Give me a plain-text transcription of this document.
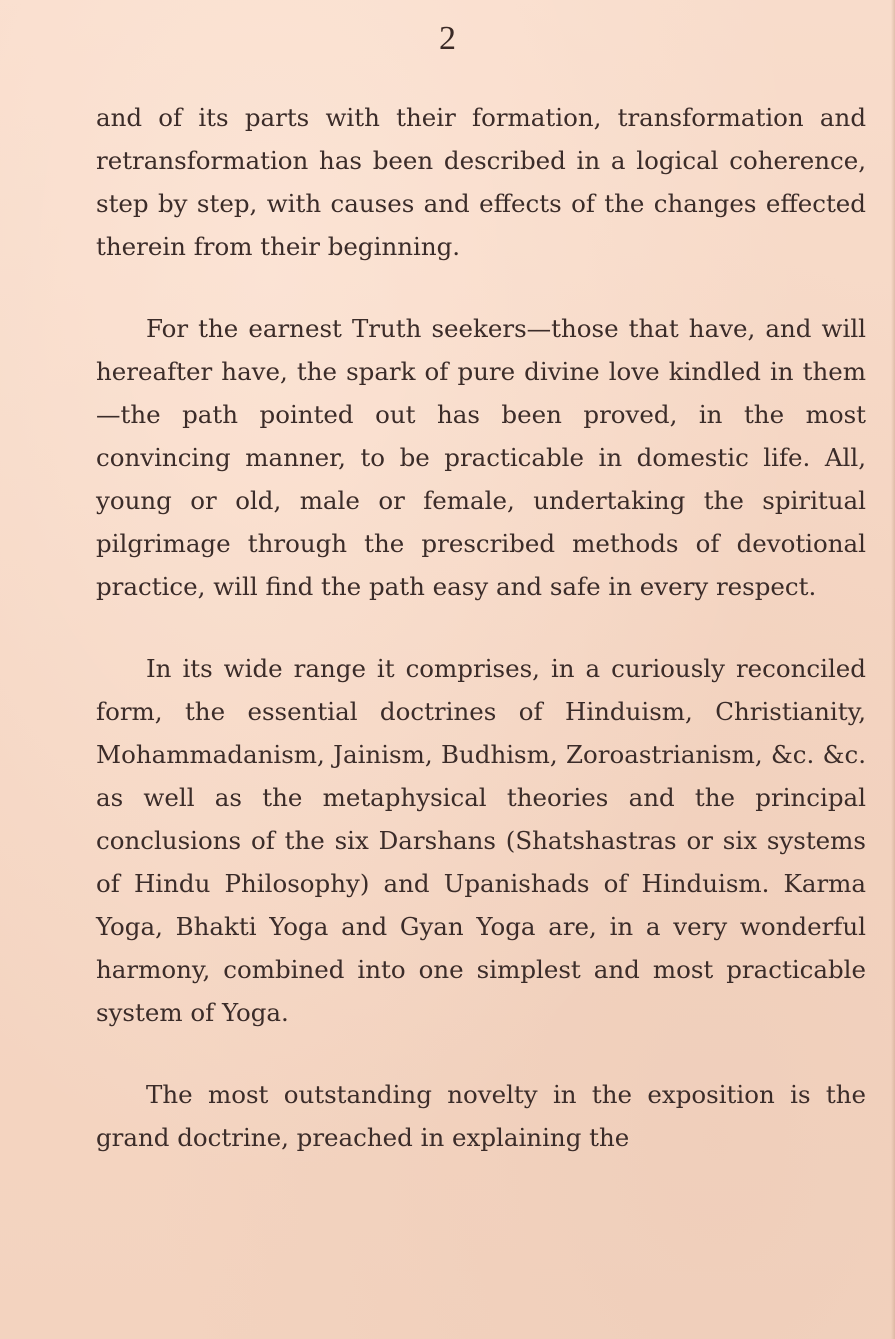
2

and of its parts with their formation, transformation and retransformation has been described in a logical coherence, step by step, with causes and effects of the changes effected therein from their beginning.

For the earnest Truth seekers—those that have, and will hereafter have, the spark of pure divine love kindled in them—the path pointed out has been proved, in the most convincing manner, to be practicable in domestic life. All, young or old, male or female, undertaking the spiritual pilgrimage through the prescribed methods of devotional practice, will find the path easy and safe in every respect.

In its wide range it comprises, in a curiously reconciled form, the essential doctrines of Hinduism, Christianity, Mohammadanism, Jainism, Budhism, Zoroastrianism, &c. &c. as well as the metaphysical theories and the principal conclusions of the six Darshans (Shatshastras or six systems of Hindu Philosophy) and Upanishads of Hinduism. Karma Yoga, Bhakti Yoga and Gyan Yoga are, in a very wonderful harmony, combined into one simplest and most practicable system of Yoga.

The most outstanding novelty in the exposition is the grand doctrine, preached in explaining the
